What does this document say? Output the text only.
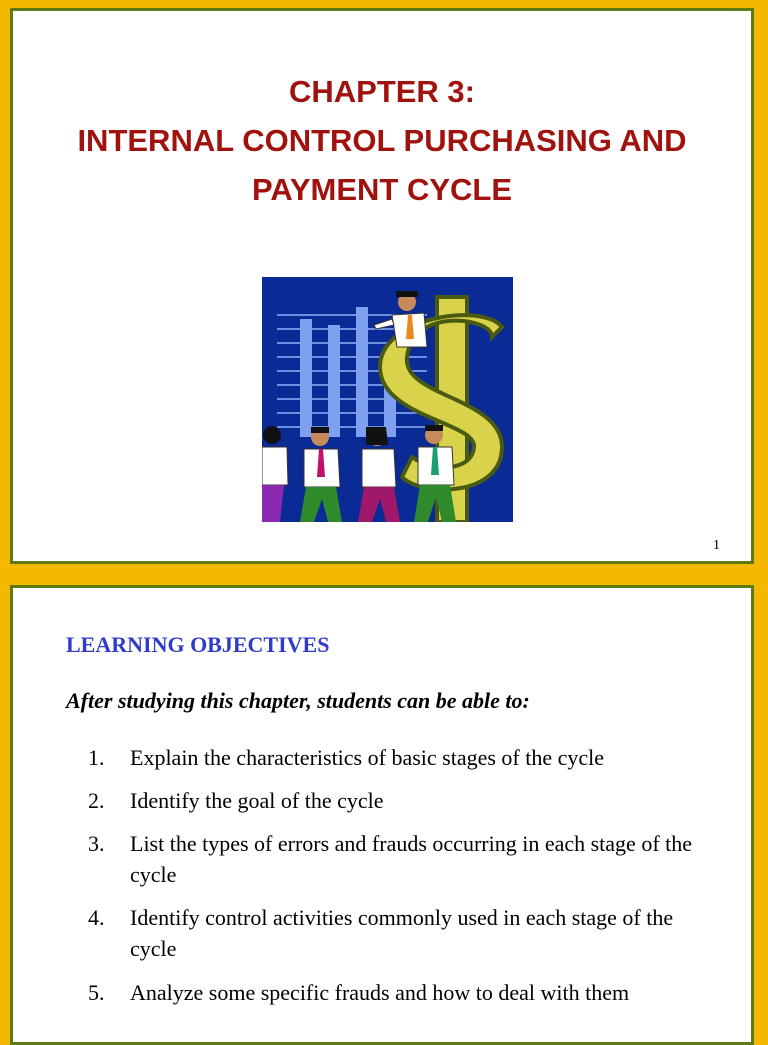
CHAPTER 3:
INTERNAL CONTROL PURCHASING AND
PAYMENT CYCLE
1
LEARNING OBJECTIVES
After studying this chapter, students can be able to:
1. Explain the characteristics of basic stages of the cycle
2. Identify the goal of the cycle
3. List the types of errors and frauds occurring in each stage of the cycle
4. Identify control activities commonly used in each stage of the cycle
5. Analyze some specific frauds and how to deal with them
